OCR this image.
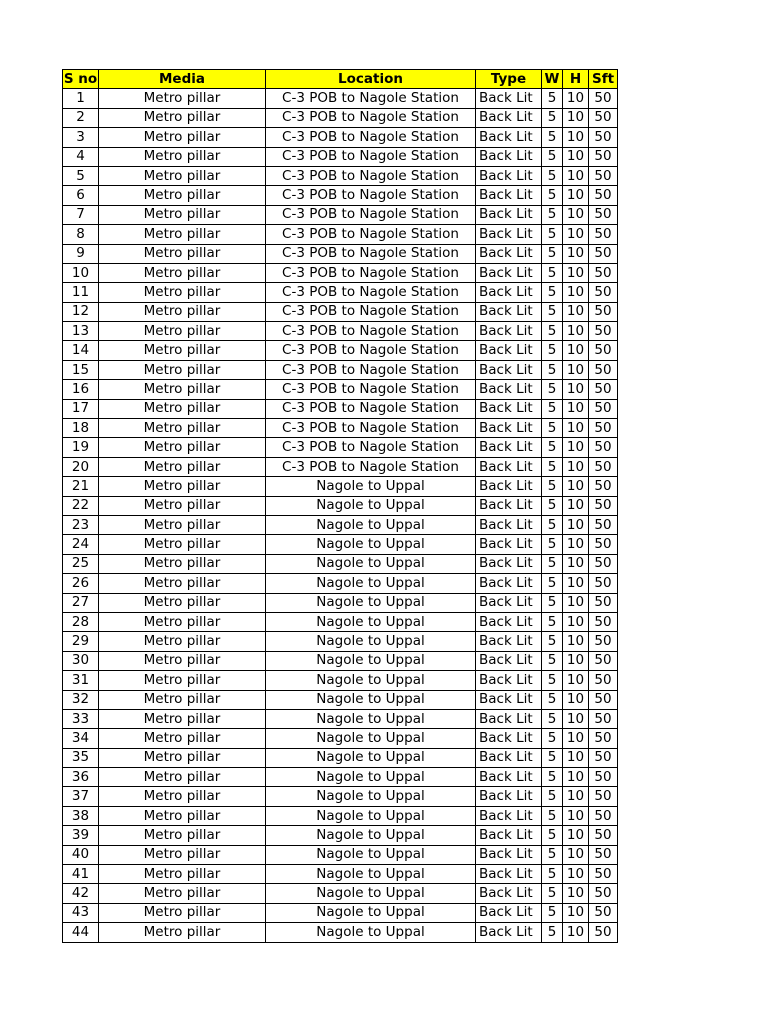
S no	Media	Location	Type	W	H	Sft
1	Metro pillar	C-3 POB to Nagole Station	Back Lit	5	10	50
2	Metro pillar	C-3 POB to Nagole Station	Back Lit	5	10	50
3	Metro pillar	C-3 POB to Nagole Station	Back Lit	5	10	50
4	Metro pillar	C-3 POB to Nagole Station	Back Lit	5	10	50
5	Metro pillar	C-3 POB to Nagole Station	Back Lit	5	10	50
6	Metro pillar	C-3 POB to Nagole Station	Back Lit	5	10	50
7	Metro pillar	C-3 POB to Nagole Station	Back Lit	5	10	50
8	Metro pillar	C-3 POB to Nagole Station	Back Lit	5	10	50
9	Metro pillar	C-3 POB to Nagole Station	Back Lit	5	10	50
10	Metro pillar	C-3 POB to Nagole Station	Back Lit	5	10	50
11	Metro pillar	C-3 POB to Nagole Station	Back Lit	5	10	50
12	Metro pillar	C-3 POB to Nagole Station	Back Lit	5	10	50
13	Metro pillar	C-3 POB to Nagole Station	Back Lit	5	10	50
14	Metro pillar	C-3 POB to Nagole Station	Back Lit	5	10	50
15	Metro pillar	C-3 POB to Nagole Station	Back Lit	5	10	50
16	Metro pillar	C-3 POB to Nagole Station	Back Lit	5	10	50
17	Metro pillar	C-3 POB to Nagole Station	Back Lit	5	10	50
18	Metro pillar	C-3 POB to Nagole Station	Back Lit	5	10	50
19	Metro pillar	C-3 POB to Nagole Station	Back Lit	5	10	50
20	Metro pillar	C-3 POB to Nagole Station	Back Lit	5	10	50
21	Metro pillar	Nagole to Uppal	Back Lit	5	10	50
22	Metro pillar	Nagole to Uppal	Back Lit	5	10	50
23	Metro pillar	Nagole to Uppal	Back Lit	5	10	50
24	Metro pillar	Nagole to Uppal	Back Lit	5	10	50
25	Metro pillar	Nagole to Uppal	Back Lit	5	10	50
26	Metro pillar	Nagole to Uppal	Back Lit	5	10	50
27	Metro pillar	Nagole to Uppal	Back Lit	5	10	50
28	Metro pillar	Nagole to Uppal	Back Lit	5	10	50
29	Metro pillar	Nagole to Uppal	Back Lit	5	10	50
30	Metro pillar	Nagole to Uppal	Back Lit	5	10	50
31	Metro pillar	Nagole to Uppal	Back Lit	5	10	50
32	Metro pillar	Nagole to Uppal	Back Lit	5	10	50
33	Metro pillar	Nagole to Uppal	Back Lit	5	10	50
34	Metro pillar	Nagole to Uppal	Back Lit	5	10	50
35	Metro pillar	Nagole to Uppal	Back Lit	5	10	50
36	Metro pillar	Nagole to Uppal	Back Lit	5	10	50
37	Metro pillar	Nagole to Uppal	Back Lit	5	10	50
38	Metro pillar	Nagole to Uppal	Back Lit	5	10	50
39	Metro pillar	Nagole to Uppal	Back Lit	5	10	50
40	Metro pillar	Nagole to Uppal	Back Lit	5	10	50
41	Metro pillar	Nagole to Uppal	Back Lit	5	10	50
42	Metro pillar	Nagole to Uppal	Back Lit	5	10	50
43	Metro pillar	Nagole to Uppal	Back Lit	5	10	50
44	Metro pillar	Nagole to Uppal	Back Lit	5	10	50
